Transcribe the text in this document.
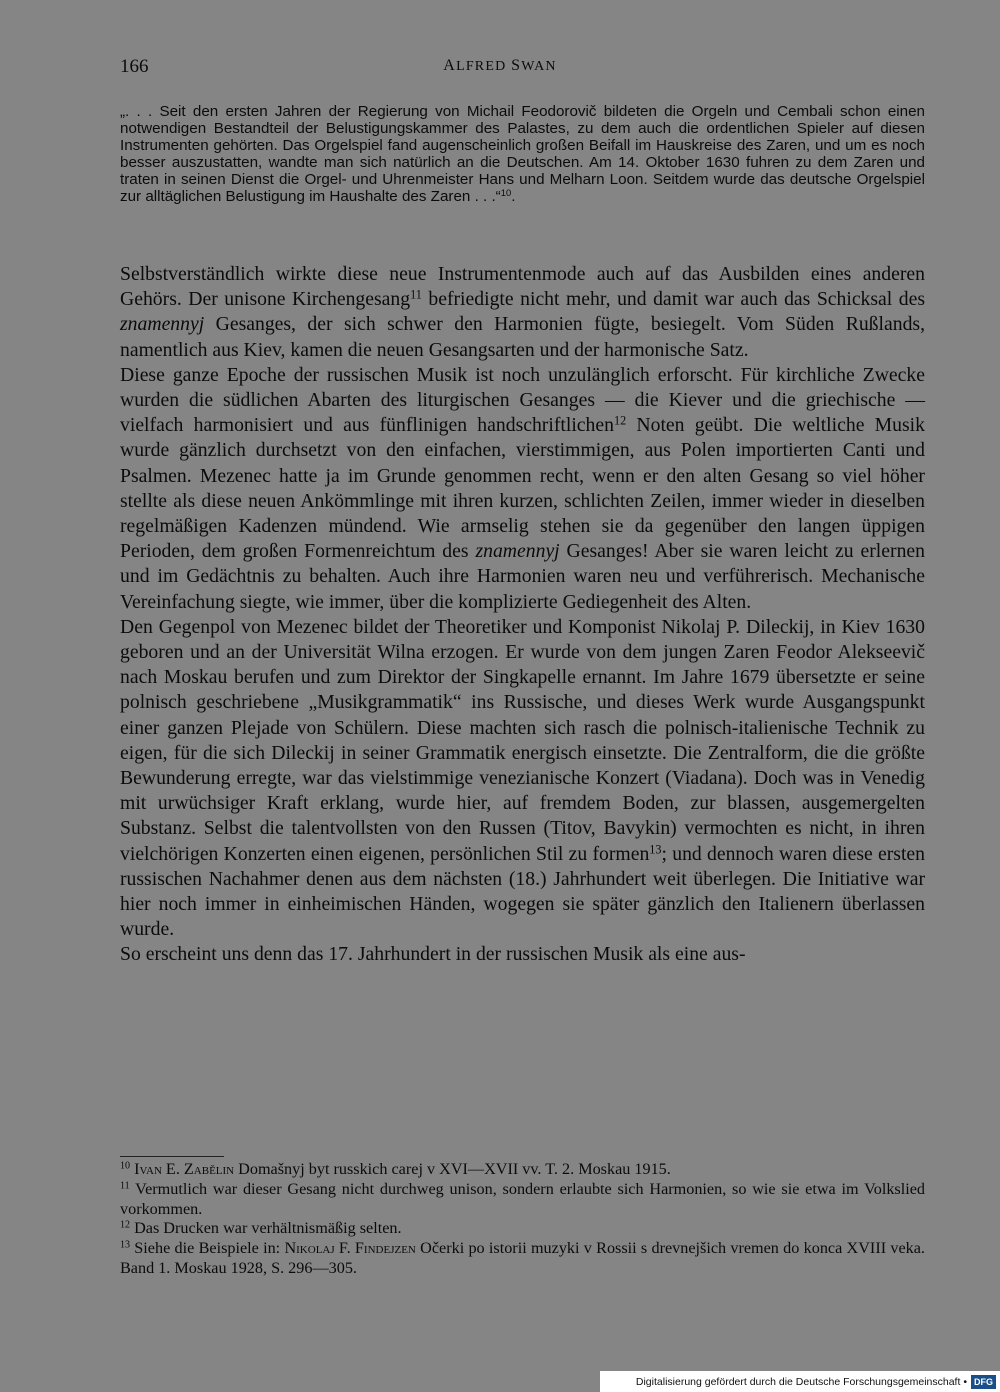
166	ALFRED SWAN
„. . . Seit den ersten Jahren der Regierung von Michail Feodorovič bildeten die Orgeln und Cembali schon einen notwendigen Bestandteil der Belustigungskammer des Palastes, zu dem auch die ordentlichen Spieler auf diesen Instrumenten gehörten. Das Orgelspiel fand augenscheinlich großen Beifall im Hauskreise des Zaren, und um es noch besser auszustatten, wandte man sich natürlich an die Deutschen. Am 14. Oktober 1630 fuhren zu dem Zaren und traten in seinen Dienst die Orgel- und Uhrenmeister Hans und Melharn Loon. Seitdem wurde das deutsche Orgelspiel zur alltäglichen Belustigung im Haushalte des Zaren . . .“$^{10}$.

Selbstverständlich wirkte diese neue Instrumentenmode auch auf das Ausbilden eines anderen Gehörs. Der unisone Kirchengesang$^{11}$ befriedigte nicht mehr, und damit war auch das Schicksal des znamennyj Gesanges, der sich schwer den Harmonien fügte, besiegelt. Vom Süden Rußlands, namentlich aus Kiev, kamen die neuen Gesangsarten und der harmonische Satz.

Diese ganze Epoche der russischen Musik ist noch unzulänglich erforscht. Für kirchliche Zwecke wurden die südlichen Abarten des liturgischen Gesanges — die Kiever und die griechische — vielfach harmonisiert und aus fünflinigen handschriftlichen$^{12}$ Noten geübt. Die weltliche Musik wurde gänzlich durchsetzt von den einfachen, vierstimmigen, aus Polen importierten Canti und Psalmen. Mezenec hatte ja im Grunde genommen recht, wenn er den alten Gesang so viel höher stellte als diese neuen Ankömmlinge mit ihren kurzen, schlichten Zeilen, immer wieder in dieselben regelmäßigen Kadenzen mündend. Wie armselig stehen sie da gegenüber den langen üppigen Perioden, dem großen Formenreichtum des znamennyj Gesanges! Aber sie waren leicht zu erlernen und im Gedächtnis zu behalten. Auch ihre Harmonien waren neu und verführerisch. Mechanische Vereinfachung siegte, wie immer, über die komplizierte Gediegenheit des Alten.

Den Gegenpol von Mezenec bildet der Theoretiker und Komponist Nikolaj P. Dileckij, in Kiev 1630 geboren und an der Universität Wilna erzogen. Er wurde von dem jungen Zaren Feodor Alekseevič nach Moskau berufen und zum Direktor der Singkapelle ernannt. Im Jahre 1679 übersetzte er seine polnisch geschriebene „Musikgrammatik“ ins Russische, und dieses Werk wurde Ausgangspunkt einer ganzen Plejade von Schülern. Diese machten sich rasch die polnisch-italienische Technik zu eigen, für die sich Dileckij in seiner Grammatik energisch einsetzte. Die Zentralform, die die größte Bewunderung erregte, war das vielstimmige venezianische Konzert (Viadana). Doch was in Venedig mit urwüchsiger Kraft erklang, wurde hier, auf fremdem Boden, zur blassen, ausgemergelten Substanz. Selbst die talentvollsten von den Russen (Titov, Bavykin) vermochten es nicht, in ihren vielchörigen Konzerten einen eigenen, persönlichen Stil zu formen$^{13}$; und dennoch waren diese ersten russischen Nachahmer denen aus dem nächsten (18.) Jahrhundert weit überlegen. Die Initiative war hier noch immer in einheimischen Händen, wogegen sie später gänzlich den Italienern überlassen wurde.

So erscheint uns denn das 17. Jahrhundert in der russischen Musik als eine aus-

$^{10}$ Ivan E. Zabělin Domašnyj byt russkich carej v XVI—XVII vv. T. 2. Moskau 1915.

$^{11}$ Vermutlich war dieser Gesang nicht durchweg unison, sondern erlaubte sich Harmonien, so wie sie etwa im Volkslied vorkommen.

$^{12}$ Das Drucken war verhältnismäßig selten.

$^{13}$ Siehe die Beispiele in: Nikolaj F. Findejzen Očerki po istorii muzyki v Rossii s drevnejšich vremen do konca XVIII veka. Band 1. Moskau 1928, S. 296—305.

Digitalisierung gefördert durch die Deutsche Forschungsgemeinschaft • DFG
